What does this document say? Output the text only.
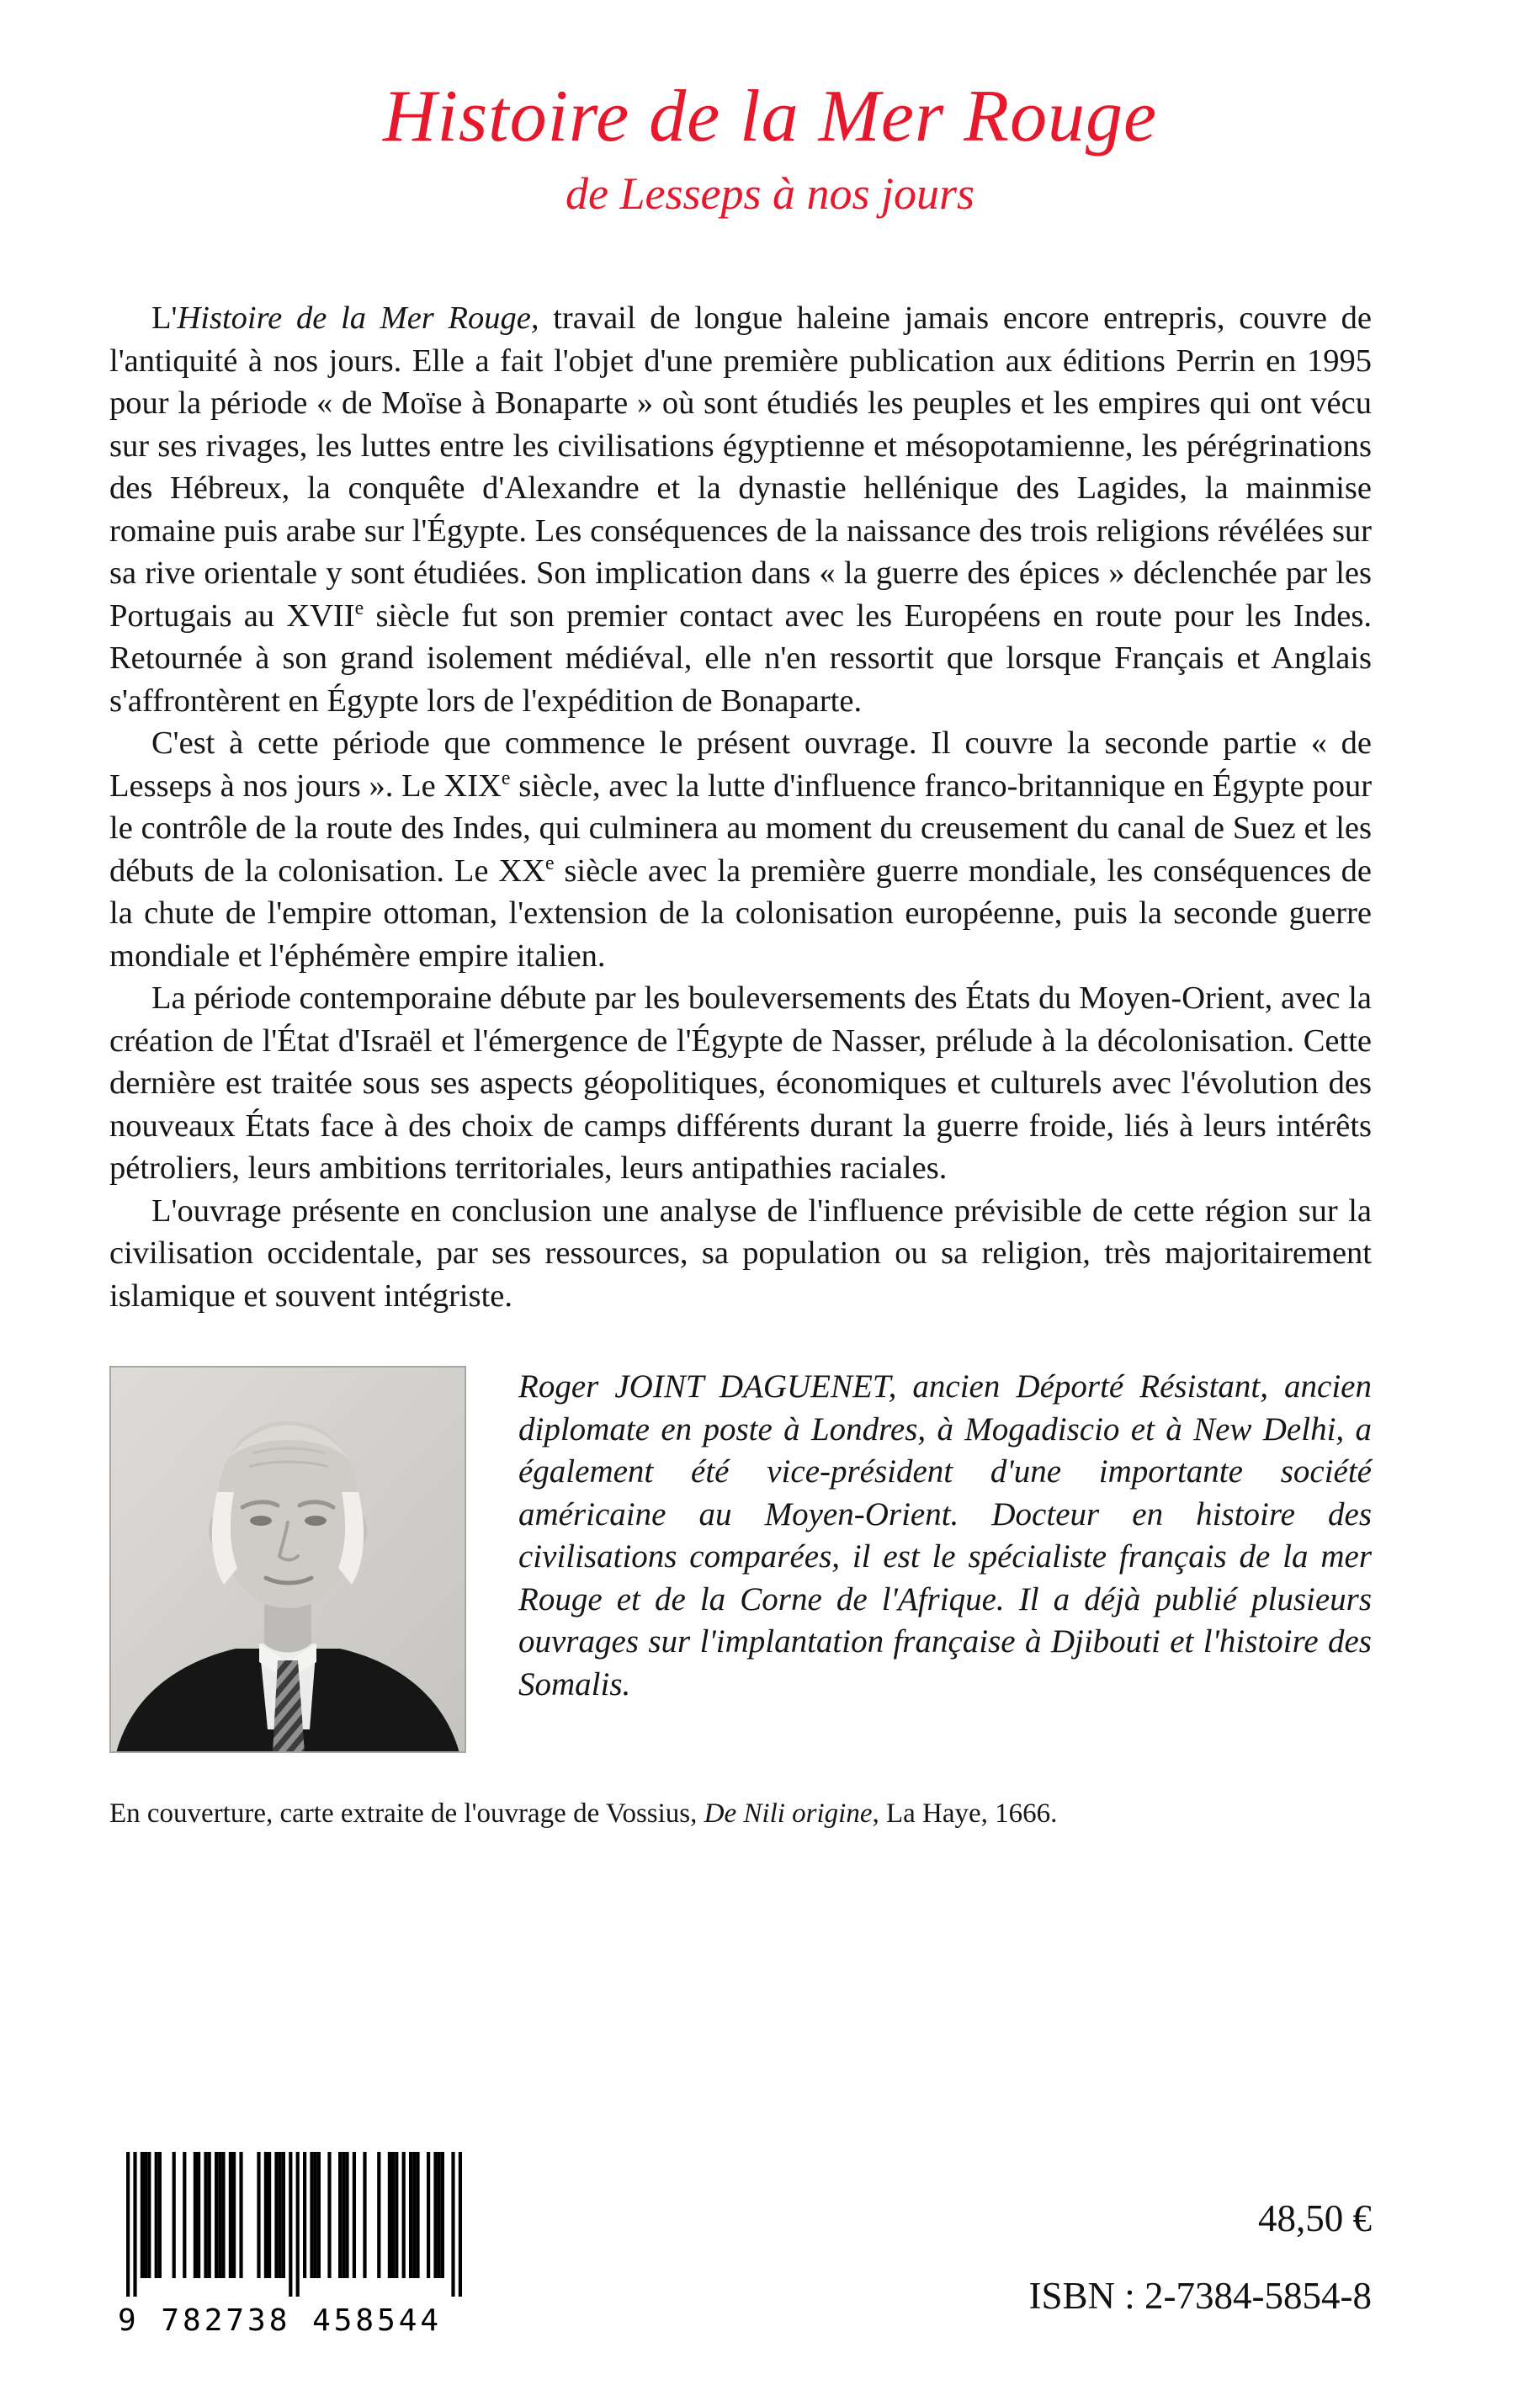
Histoire de la Mer Rouge
de Lesseps à nos jours

L'Histoire de la Mer Rouge, travail de longue haleine jamais encore entrepris, couvre de l'antiquité à nos jours. Elle a fait l'objet d'une première publication aux éditions Perrin en 1995 pour la période « de Moïse à Bonaparte » où sont étudiés les peuples et les empires qui ont vécu sur ses rivages, les luttes entre les civilisations égyptienne et mésopotamienne, les pérégrinations des Hébreux, la conquête d'Alexandre et la dynastie hellénique des Lagides, la mainmise romaine puis arabe sur l'Égypte. Les conséquences de la naissance des trois religions révélées sur sa rive orientale y sont étudiées. Son implication dans « la guerre des épices » déclenchée par les Portugais au XVIIe siècle fut son premier contact avec les Européens en route pour les Indes. Retournée à son grand isolement médiéval, elle n'en ressortit que lorsque Français et Anglais s'affrontèrent en Égypte lors de l'expédition de Bonaparte.

C'est à cette période que commence le présent ouvrage. Il couvre la seconde partie « de Lesseps à nos jours ». Le XIXe siècle, avec la lutte d'influence franco-britannique en Égypte pour le contrôle de la route des Indes, qui culminera au moment du creusement du canal de Suez et les débuts de la colonisation. Le XXe siècle avec la première guerre mondiale, les conséquences de la chute de l'empire ottoman, l'extension de la colonisation européenne, puis la seconde guerre mondiale et l'éphémère empire italien.

La période contemporaine débute par les bouleversements des États du Moyen-Orient, avec la création de l'État d'Israël et l'émergence de l'Égypte de Nasser, prélude à la décolonisation. Cette dernière est traitée sous ses aspects géopolitiques, économiques et culturels avec l'évolution des nouveaux États face à des choix de camps différents durant la guerre froide, liés à leurs intérêts pétroliers, leurs ambitions territoriales, leurs antipathies raciales.

L'ouvrage présente en conclusion une analyse de l'influence prévisible de cette région sur la civilisation occidentale, par ses ressources, sa population ou sa religion, très majoritairement islamique et souvent intégriste.

Roger JOINT DAGUENET, ancien Déporté Résistant, ancien diplomate en poste à Londres, à Mogadiscio et à New Delhi, a également été vice-président d'une importante société américaine au Moyen-Orient. Docteur en histoire des civilisations comparées, il est le spécialiste français de la mer Rouge et de la Corne de l'Afrique. Il a déjà publié plusieurs ouvrages sur l'implantation française à Djibouti et l'histoire des Somalis.

En couverture, carte extraite de l'ouvrage de Vossius, De Nili origine, La Haye, 1666.

9 782738 458544
48,50 €
ISBN : 2-7384-5854-8
